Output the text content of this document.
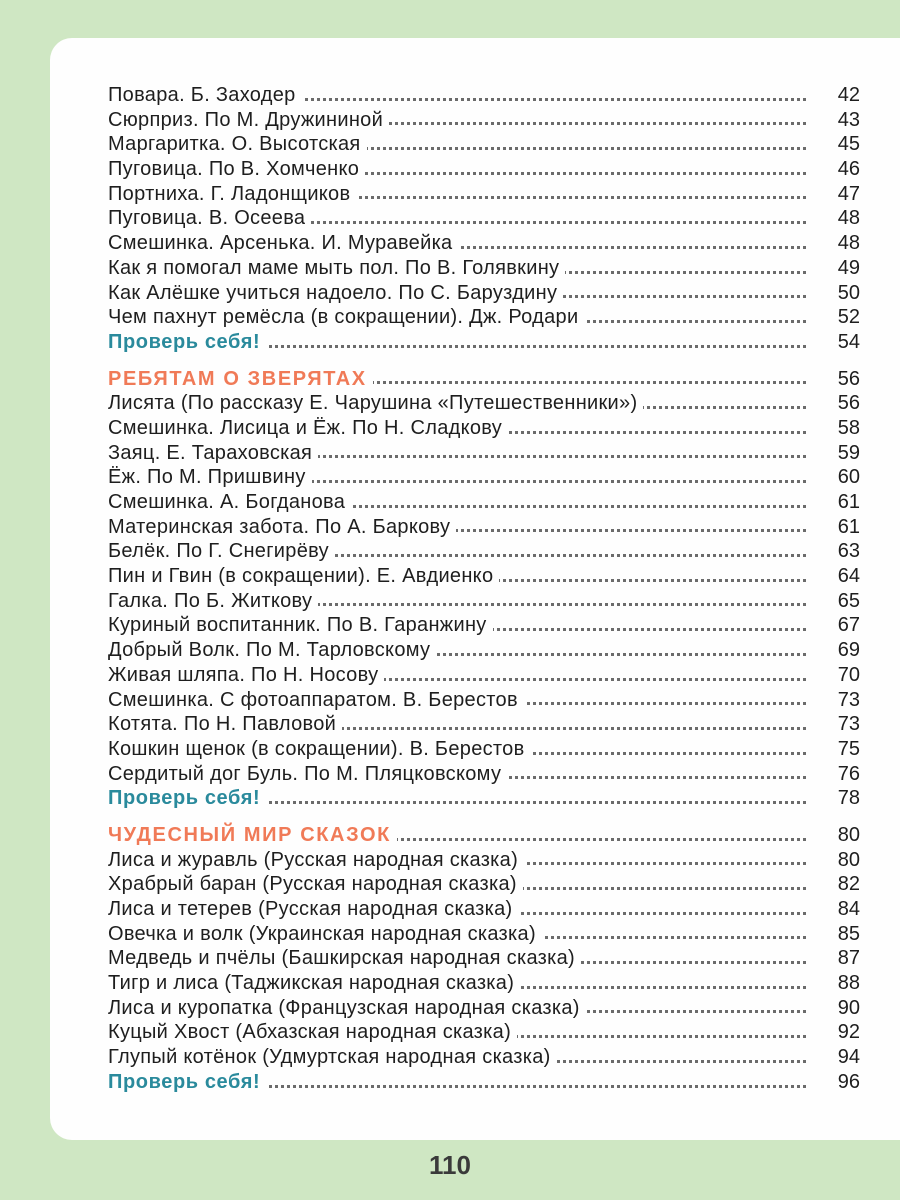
Повара. Б. Заходер	42
Сюрприз. По М. Дружининой	43
Маргаритка. О. Высотская	45
Пуговица. По В. Хомченко	46
Портниха. Г. Ладонщиков	47
Пуговица. В. Осеева	48
Смешинка. Арсенька. И. Муравейка	48
Как я помогал маме мыть пол. По В. Голявкину	49
Как Алёшке учиться надоело. По С. Баруздину	50
Чем пахнут ремёсла (в сокращении). Дж. Родари	52
Проверь себя!	54
РЕБЯТАМ О ЗВЕРЯТАХ	56
Лисята (По рассказу Е. Чарушина «Путешественники»)	56
Смешинка. Лисица и Ёж. По Н. Сладкову	58
Заяц. Е. Тараховская	59
Ёж. По М. Пришвину	60
Смешинка. А. Богданова	61
Материнская забота. По А. Баркову	61
Белёк. По Г. Снегирёву	63
Пин и Гвин (в сокращении). Е. Авдиенко	64
Галка. По Б. Житкову	65
Куриный воспитанник. По В. Гаранжину	67
Добрый Волк. По М. Тарловскому	69
Живая шляпа. По Н. Носову	70
Смешинка. С фотоаппаратом. В. Берестов	73
Котята. По Н. Павловой	73
Кошкин щенок (в сокращении). В. Берестов	75
Сердитый дог Буль. По М. Пляцковскому	76
Проверь себя!	78
ЧУДЕСНЫЙ МИР СКАЗОК	80
Лиса и журавль (Русская народная сказка)	80
Храбрый баран (Русская народная сказка)	82
Лиса и тетерев (Русская народная сказка)	84
Овечка и волк (Украинская народная сказка)	85
Медведь и пчёлы (Башкирская народная сказка)	87
Тигр и лиса (Таджикская народная сказка)	88
Лиса и куропатка (Французская народная сказка)	90
Куцый Хвост (Абхазская народная сказка)	92
Глупый котёнок (Удмуртская народная сказка)	94
Проверь себя!	96
110
